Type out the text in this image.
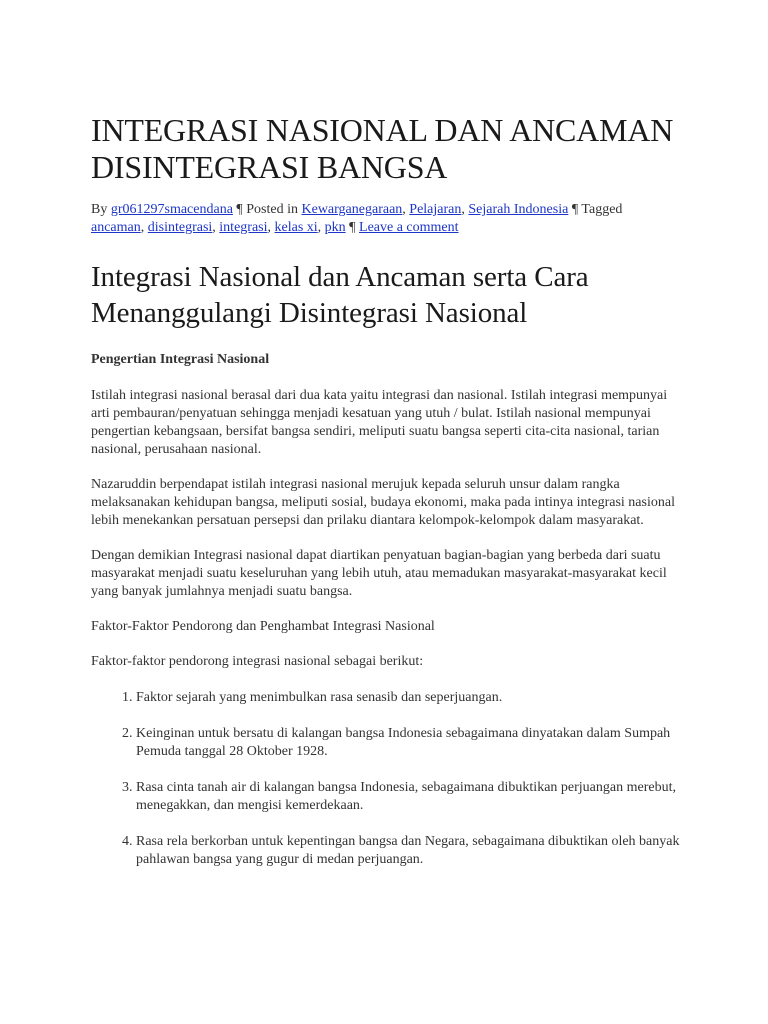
INTEGRASI NASIONAL DAN ANCAMAN DISINTEGRASI BANGSA
By gr061297smacendana ¶ Posted in Kewarganegaraan, Pelajaran, Sejarah Indonesia ¶ Tagged
ancaman, disintegrasi, integrasi, kelas xi, pkn ¶ Leave a comment
Integrasi Nasional dan Ancaman serta Cara Menanggulangi Disintegrasi Nasional
Pengertian Integrasi Nasional

Istilah integrasi nasional berasal dari dua kata yaitu integrasi dan nasional. Istilah integrasi mempunyai arti pembauran/penyatuan sehingga menjadi kesatuan yang utuh / bulat. Istilah nasional mempunyai pengertian kebangsaan, bersifat bangsa sendiri, meliputi suatu bangsa seperti cita-cita nasional, tarian nasional, perusahaan nasional.

Nazaruddin berpendapat istilah integrasi nasional merujuk kepada seluruh unsur dalam rangka melaksanakan kehidupan bangsa, meliputi sosial, budaya ekonomi, maka pada intinya integrasi nasional lebih menekankan persatuan persepsi dan prilaku diantara kelompok-kelompok dalam masyarakat.

Dengan demikian Integrasi nasional dapat diartikan penyatuan bagian-bagian yang berbeda dari suatu masyarakat menjadi suatu keseluruhan yang lebih utuh, atau memadukan masyarakat-masyarakat kecil yang banyak jumlahnya menjadi suatu bangsa.

Faktor-Faktor Pendorong dan Penghambat Integrasi Nasional

Faktor-faktor pendorong integrasi nasional sebagai berikut:

1. Faktor sejarah yang menimbulkan rasa senasib dan seperjuangan.
2. Keinginan untuk bersatu di kalangan bangsa Indonesia sebagaimana dinyatakan dalam Sumpah Pemuda tanggal 28 Oktober 1928.
3. Rasa cinta tanah air di kalangan bangsa Indonesia, sebagaimana dibuktikan perjuangan merebut, menegakkan, dan mengisi kemerdekaan.
4. Rasa rela berkorban untuk kepentingan bangsa dan Negara, sebagaimana dibuktikan oleh banyak pahlawan bangsa yang gugur di medan perjuangan.
